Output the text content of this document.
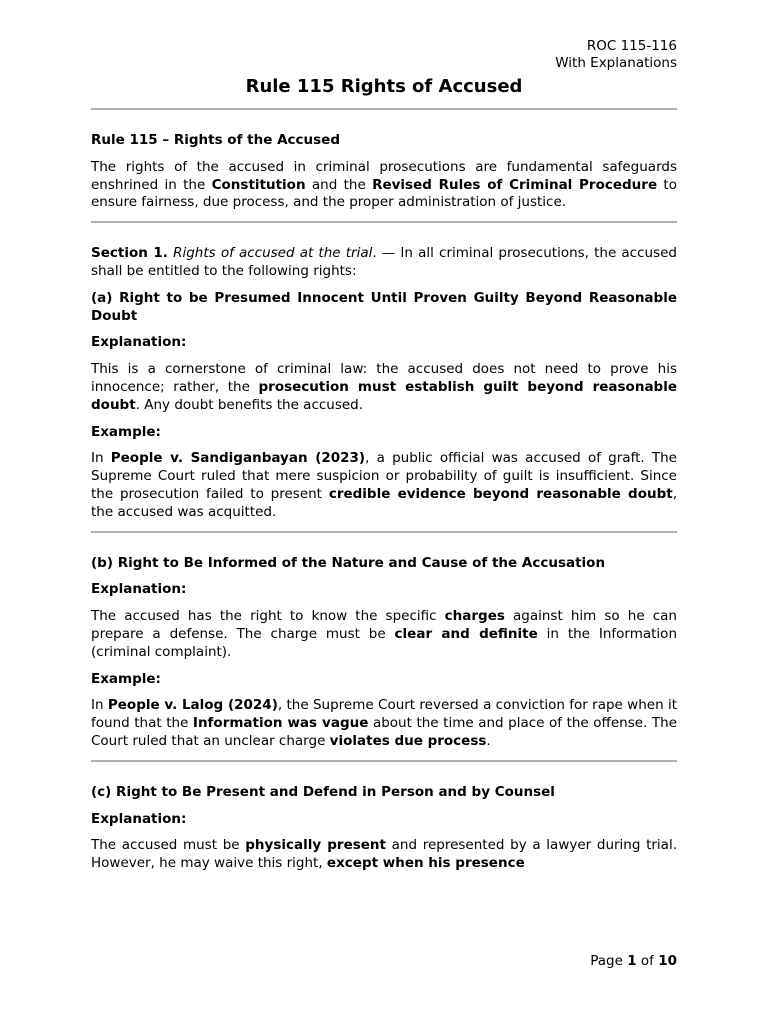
ROC 115-116
With Explanations
Rule 115 Rights of Accused

Rule 115 – Rights of the Accused

The rights of the accused in criminal prosecutions are fundamental safeguards enshrined in the Constitution and the Revised Rules of Criminal Procedure to ensure fairness, due process, and the proper administration of justice.

Section 1. Rights of accused at the trial. — In all criminal prosecutions, the accused shall be entitled to the following rights:

(a) Right to be Presumed Innocent Until Proven Guilty Beyond Reasonable Doubt

Explanation:

This is a cornerstone of criminal law: the accused does not need to prove his innocence; rather, the prosecution must establish guilt beyond reasonable doubt. Any doubt benefits the accused.

Example:

In People v. Sandiganbayan (2023), a public official was accused of graft. The Supreme Court ruled that mere suspicion or probability of guilt is insufficient. Since the prosecution failed to present credible evidence beyond reasonable doubt, the accused was acquitted.

(b) Right to Be Informed of the Nature and Cause of the Accusation

Explanation:

The accused has the right to know the specific charges against him so he can prepare a defense. The charge must be clear and definite in the Information (criminal complaint).

Example:

In People v. Lalog (2024), the Supreme Court reversed a conviction for rape when it found that the Information was vague about the time and place of the offense. The Court ruled that an unclear charge violates due process.

(c) Right to Be Present and Defend in Person and by Counsel

Explanation:

The accused must be physically present and represented by a lawyer during trial. However, he may waive this right, except when his presence

Page 1 of 10
